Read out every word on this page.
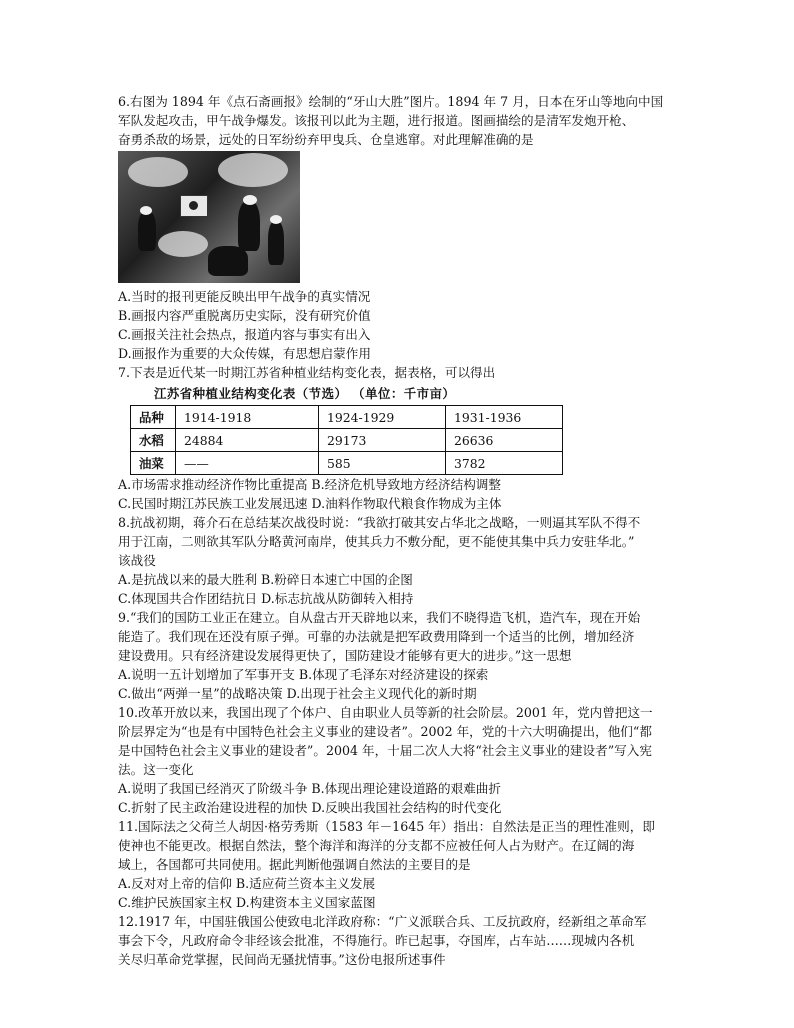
6.右图为 1894 年《点石斋画报》绘制的“牙山大胜”图片。1894 年 7 月，日本在牙山等地向中国

军队发起攻击，甲午战争爆发。该报刊以此为主题，进行报道。图画描绘的是清军发炮开枪、

奋勇杀敌的场景，远处的日军纷纷弃甲曳兵、仓皇逃窜。对此理解准确的是

A.当时的报刊更能反映出甲午战争的真实情况

B.画报内容严重脱离历史实际，没有研究价值

C.画报关注社会热点，报道内容与事实有出入

D.画报作为重要的大众传媒，有思想启蒙作用

7.下表是近代某一时期江苏省种植业结构变化表，据表格，可以得出

江苏省种植业结构变化表（节选） （单位：千市亩）
品种	1914-1918	1924-1929	1931-1936
水稻	24884	29173	26636
油菜	——	585	3782

A.市场需求推动经济作物比重提高 B.经济危机导致地方经济结构调整

C.民国时期江苏民族工业发展迅速 D.油料作物取代粮食作物成为主体

8.抗战初期，蒋介石在总结某次战役时说：“我欲打破其安占华北之战略，一则逼其军队不得不

用于江南，二则欲其军队分略黄河南岸，使其兵力不敷分配，更不能使其集中兵力安驻华北。”

该战役

A.是抗战以来的最大胜利 B.粉碎日本速亡中国的企图

C.体现国共合作团结抗日 D.标志抗战从防御转入相持

9.“我们的国防工业正在建立。自从盘古开天辟地以来，我们不晓得造飞机，造汽车，现在开始

能造了。我们现在还没有原子弹。可靠的办法就是把军政费用降到一个适当的比例，增加经济

建设费用。只有经济建设发展得更快了，国防建设才能够有更大的进步。”这一思想

A.说明一五计划增加了军事开支 B.体现了毛泽东对经济建设的探索

C.做出“两弹一星”的战略决策 D.出现于社会主义现代化的新时期

10.改革开放以来，我国出现了个体户、自由职业人员等新的社会阶层。2001 年，党内曾把这一

阶层界定为“也是有中国特色社会主义事业的建设者”。2002 年，党的十六大明确提出，他们“都

是中国特色社会主义事业的建设者”。2004 年，十届二次人大将“社会主义事业的建设者”写入宪

法。这一变化

A.说明了我国已经消灭了阶级斗争 B.体现出理论建设道路的艰难曲折

C.折射了民主政治建设进程的加快 D.反映出我国社会结构的时代变化

11.国际法之父荷兰人胡因·格劳秀斯（1583 年－1645 年）指出：自然法是正当的理性准则，即

使神也不能更改。根据自然法，整个海洋和海洋的分支都不应被任何人占为财产。在辽阔的海

域上，各国都可共同使用。据此判断他强调自然法的主要目的是

A.反对对上帝的信仰 B.适应荷兰资本主义发展

C.维护民族国家主权 D.构建资本主义国家蓝图

12.1917 年，中国驻俄国公使致电北洋政府称：“广义派联合兵、工反抗政府，经新组之革命军

事会下令，凡政府命令非经该会批准，不得施行。昨已起事，夺国库，占车站……现城内各机

关尽归革命党掌握，民间尚无骚扰情事。”这份电报所述事件
